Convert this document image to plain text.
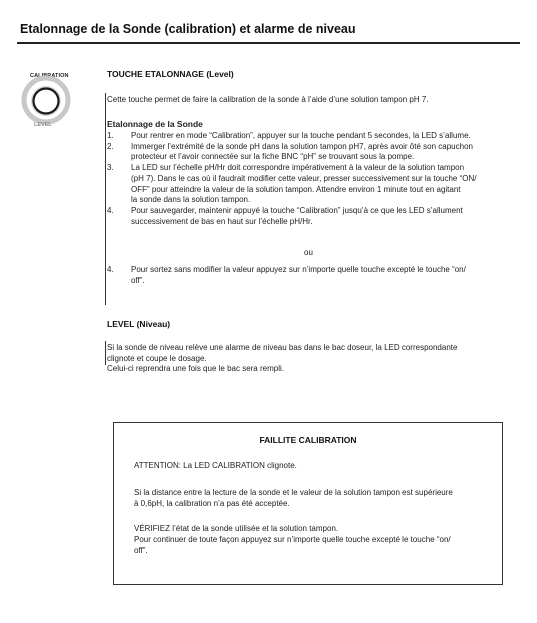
Etalonnage de la Sonde (calibration) et alarme de niveau
CALIBRATION
LEVEL
TOUCHE ETALONNAGE (Level)
Cette touche permet de faire la calibration de la sonde à l’aide d’une solution tampon pH 7.
Etalonnage de la Sonde
1.	Pour rentrer en mode “Calibration”, appuyer sur la touche pendant 5 secondes, la LED s’allume.
2.	Immerger l’extrémité de la sonde pH dans la solution tampon pH7, après avoir ôté son capuchon
protecteur et l’avoir connectée sur la fiche BNC “pH” se trouvant sous la pompe.
3.	La LED sur l’échelle pH/Hr doit correspondre impérativement à la valeur de la solution tampon
(pH 7). Dans le cas où il faudrait modifier cette valeur, presser successivement sur la touche “ON/
OFF” pour atteindre la valeur de la solution tampon. Attendre environ 1 minute tout en agitant
la sonde dans la solution tampon.
4.	Pour sauvegarder, maintenir appuyé la touche “Calibration” jusqu’à ce que les LED s’allument
successivement de bas en haut sur l’échelle pH/Hr.
ou
4.	Pour sortez sans modifier la valeur appuyez sur n’importe quelle touche excepté le touche “on/
off”.
LEVEL (Niveau)
Si la sonde de niveau relève une alarme de niveau bas dans le bac doseur, la LED correspondante
clignote et coupe le dosage.
Celui-ci reprendra une fois que le bac sera rempli.
FAILLITE CALIBRATION
ATTENTION: La LED CALIBRATION clignote.
Si la distance entre la lecture de la sonde et le valeur de la solution tampon est supérieure
à 0,6pH, la calibration n’a pas été acceptée.
VÉRIFIEZ l’état de la sonde utilisée et la solution tampon.
Pour continuer de toute façon appuyez sur n’importe quelle touche excepté le touche “on/
off”.
